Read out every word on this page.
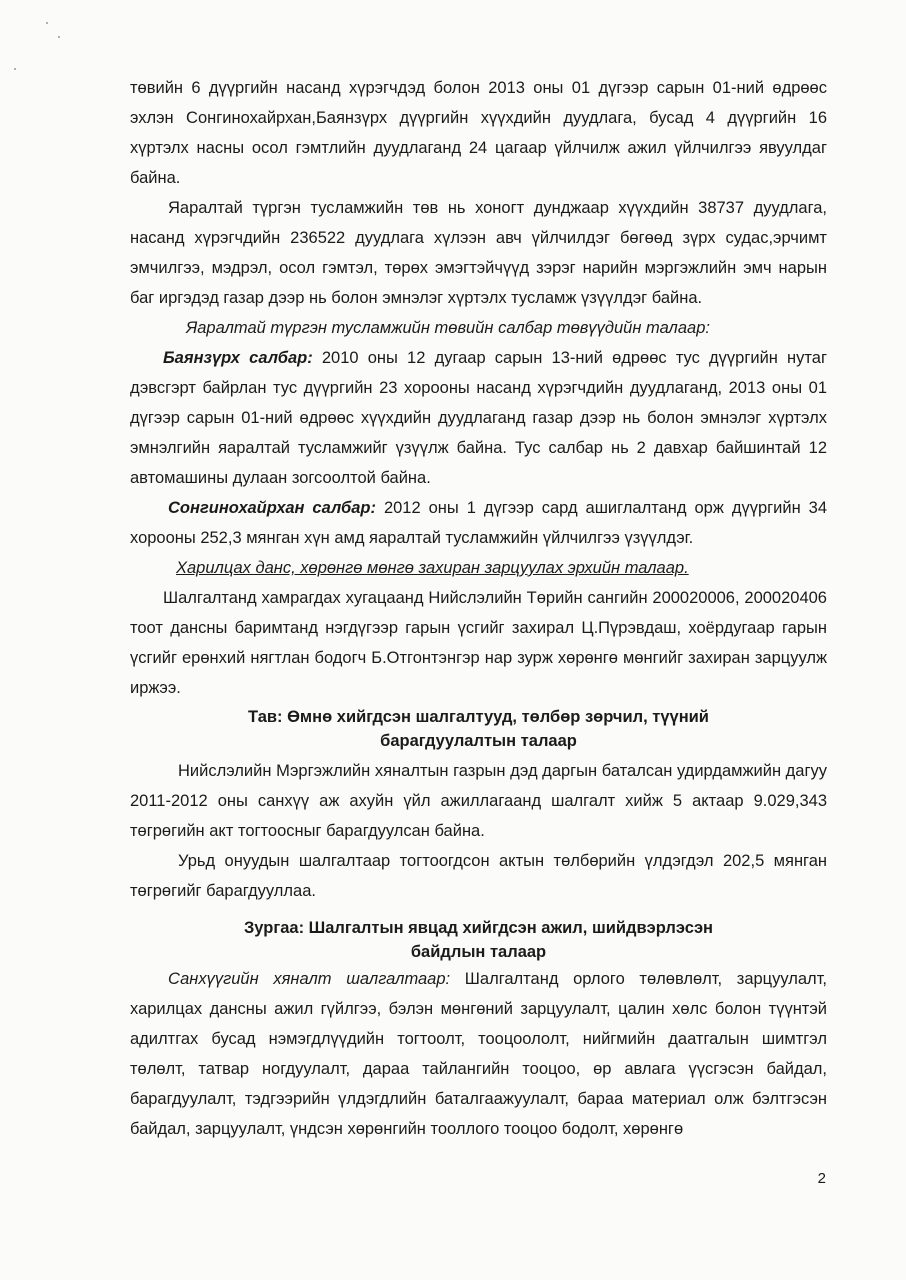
төвийн 6 дүүргийн насанд хүрэгчдэд болон 2013 оны 01 дүгээр сарын 01-ний өдрөөс эхлэн Сонгинохайрхан,Баянзүрх дүүргийн хүүхдийн дуудлага, бусад 4 дүүргийн 16 хүртэлх насны осол гэмтлийн дуудлаганд 24 цагаар үйлчилж ажил үйлчилгээ явуулдаг байна.

Яаралтай түргэн тусламжийн төв нь хоногт дунджаар хүүхдийн 38737 дуудлага, насанд хүрэгчдийн 236522 дуудлага хүлээн авч үйлчилдэг бөгөөд зүрх судас,эрчимт эмчилгээ, мэдрэл, осол гэмтэл, төрөх эмэгтэйчүүд зэрэг нарийн мэргэжлийн эмч нарын баг иргэдэд газар дээр нь болон эмнэлэг хүртэлх тусламж үзүүлдэг байна.

Яаралтай түргэн тусламжийн төвийн салбар төвүүдийн талаар:

Баянзүрх салбар: 2010 оны 12 дугаар сарын 13-ний өдрөөс тус дүүргийн нутаг дэвсгэрт байрлан тус дүүргийн 23 хорооны насанд хүрэгчдийн дуудлаганд, 2013 оны 01 дүгээр сарын 01-ний өдрөөс хүүхдийн дуудлаганд газар дээр нь болон эмнэлэг хүртэлх эмнэлгийн яаралтай тусламжийг үзүүлж байна. Тус салбар нь 2 давхар байшинтай 12 автомашины дулаан зогсоолтой байна.

Сонгинохайрхан салбар: 2012 оны 1 дүгээр сард ашиглалтанд орж дүүргийн 34 хорооны 252,3 мянган хүн амд яаралтай тусламжийн үйлчилгээ үзүүлдэг.

Харилцах данс, хөрөнгө мөнгө захиран зарцуулах эрхийн талаар.

Шалгалтанд хамрагдах хугацаанд Нийслэлийн Төрийн сангийн 200020006, 200020406 тоот дансны баримтанд нэгдүгээр гарын үсгийг захирал Ц.Пүрэвдаш, хоёрдугаар гарын үсгийг ерөнхий нягтлан бодогч Б.Отгонтэнгэр нар зурж хөрөнгө мөнгийг захиран зарцуулж иржээ.

Тав: Өмнө хийгдсэн шалгалтууд, төлбөр зөрчил, түүний
барагдуулалтын талаар

Нийслэлийн Мэргэжлийн хяналтын газрын дэд даргын баталсан удирдамжийн дагуу 2011-2012 оны санхүү аж ахуйн үйл ажиллагаанд шалгалт хийж 5 актаар 9.029,343 төгрөгийн акт тогтоосныг барагдуулсан байна.

Урьд онуудын шалгалтаар тогтоогдсон актын төлбөрийн үлдэгдэл 202,5 мянган төгрөгийг барагдууллаа.

Зургаа: Шалгалтын явцад хийгдсэн ажил, шийдвэрлэсэн
байдлын талаар

Санхүүгийн хяналт шалгалтаар: Шалгалтанд орлого төлөвлөлт, зарцуулалт, харилцах дансны ажил гүйлгээ, бэлэн мөнгөний зарцуулалт, цалин хөлс болон түүнтэй адилтгах бусад нэмэгдлүүдийн тогтоолт, тооцоололт, нийгмийн даатгалын шимтгэл төлөлт, татвар ногдуулалт, дараа тайлангийн тооцоо, өр авлага үүсгэсэн байдал, барагдуулалт, тэдгээрийн үлдэгдлийн баталгаажуулалт, бараа материал олж бэлтгэсэн байдал, зарцуулалт, үндсэн хөрөнгийн тооллого тооцоо бодолт, хөрөнгө

2
